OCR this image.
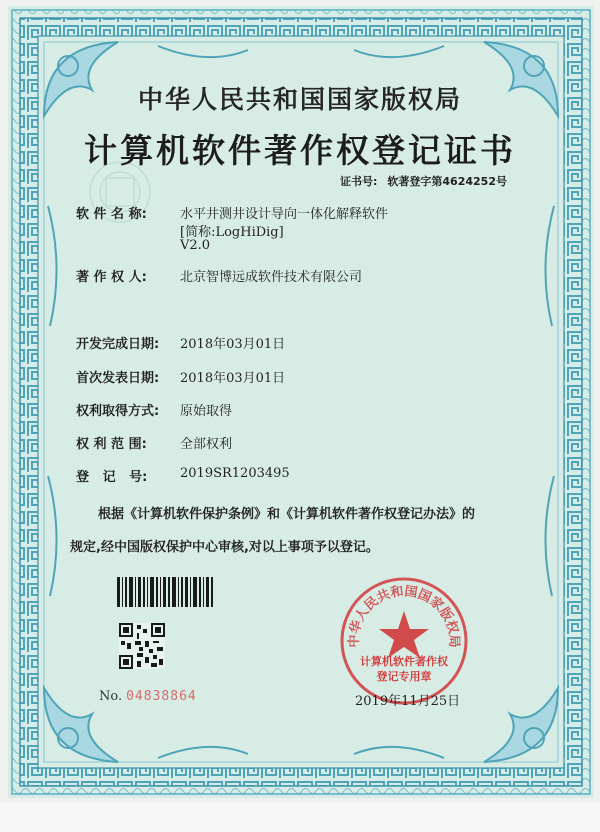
中华人民共和国国家版权局
计算机软件著作权登记证书
证书号: 软著登字第4624252号
软 件 名 称:	水平井测井设计导向一体化解释软件
[简称:LogHiDig]
V2.0
著 作 权 人:	北京智博远成软件技术有限公司
开发完成日期:	2018年03月01日
首次发表日期:	2018年03月01日
权利取得方式:	原始取得
权 利 范 围:	全部权利
登   记   号:	2019SR1203495
根据《计算机软件保护条例》和《计算机软件著作权登记办法》的
规定,经中国版权保护中心审核,对以上事项予以登记。
No. 04838864
中华人民共和国国家版权局
计算机软件著作权
登记专用章
2019年11月25日
